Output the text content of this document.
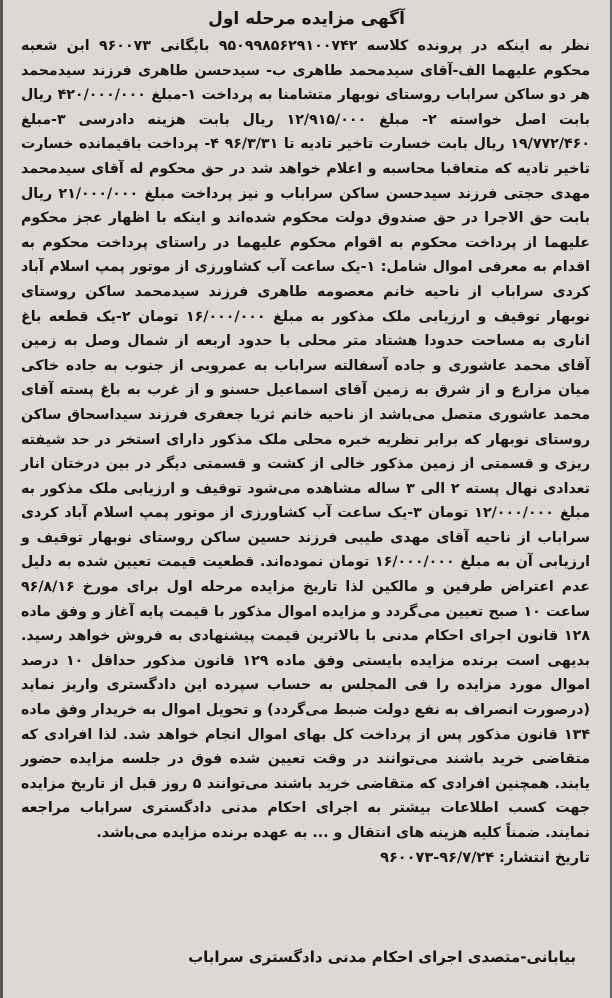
آگهی مزایده مرحله اول

نظر به اینکه در پرونده کلاسه ۹۵۰۹۹۸۵۶۲۹۱۰۰۷۴۲ بایگانی ۹۶۰۰۷۳ ابن شعبه محکوم علیهما الف-آقای سیدمحمد طاهری ب- سیدحسن طاهری فرزند سیدمحمد هر دو ساکن سراباب روستای نوبهار متشامنا به پرداخت ۱-مبلغ ۴۲۰/۰۰۰/۰۰۰ ریال بابت اصل خواسته ۲- مبلغ ۱۲/۹۱۵/۰۰۰ ریال بابت هزینه دادرسی ۳-مبلغ ۱۹/۷۷۲/۴۶۰ ریال بابت خسارت تاخیر تادیه تا ۹۶/۳/۳۱ ۴- پرداخت باقیمانده خسارت تاخیر تادیه که متعاقبا محاسبه و اعلام خواهد شد در حق محکوم له آقای سیدمحمد مهدی حجتی فرزند سیدحسن ساکن سراباب و نیز پرداخت مبلغ ۲۱/۰۰۰/۰۰۰ ریال بابت حق الاجرا در حق صندوق دولت محکوم شده‌اند و اینکه با اظهار عجز محکوم علیهما از پرداخت محکوم به اقوام محکوم علیهما در راستای پرداخت محکوم به اقدام به معرفی اموال شامل: ۱-یک ساعت آب کشاورزی از موتور پمپ اسلام آباد کردی سراباب از ناحیه خانم معصومه طاهری فرزند سیدمحمد ساکن روستای نوبهار توقیف و ارزیابی ملک مذکور به مبلغ ۱۶/۰۰۰/۰۰۰ تومان ۲-یک قطعه باغ اناری به مساحت حدودا هشتاد متر محلی با حدود اربعه از شمال وصل به زمین آقای محمد عاشوری و جاده آسفالته سراباب به عمرویی از جنوب به جاده خاکی میان مزارع و از شرق به زمین آقای اسماعیل حسنو و از غرب به باغ پسته آقای محمد عاشوری متصل می‌باشد از ناحیه خانم ثریا جعفری فرزند سیداسحاق ساکن روستای نوبهار که برابر نظریه خبره محلی ملک مذکور دارای استخر در حد شیفته ریزی و قسمتی از زمین مذکور خالی از کشت و قسمتی دیگر در بین درختان انار تعدادی نهال پسته ۲ الی ۳ ساله مشاهده می‌شود توقیف و ارزیابی ملک مذکور به مبلغ ۱۲/۰۰۰/۰۰۰ تومان ۳-یک ساعت آب کشاورزی از موتور پمپ اسلام آباد کردی سراباب از ناحیه آقای مهدی طیبی فرزند حسین ساکن روستای نوبهار توقیف و ارزیابی آن به مبلغ ۱۶/۰۰۰/۰۰۰ تومان نموده‌اند. قطعیت قیمت تعیین شده به دلیل عدم اعتراض طرفین و مالکین لذا تاریخ مزایده مرحله اول برای مورخ ۹۶/۸/۱۶ ساعت ۱۰ صبح تعیین می‌گردد و مزایده اموال مذکور با قیمت پایه آغاز و وفق ماده ۱۲۸ قانون اجرای احکام مدنی با بالاترین قیمت پیشنهادی به فروش خواهد رسید. بدیهی است برنده مزایده بایستی وفق ماده ۱۲۹ قانون مذکور حداقل ۱۰ درصد اموال مورد مزایده را فی المجلس به حساب سپرده این دادگستری واریز نماید (درصورت انصراف به نفع دولت ضبط می‌گردد) و تحویل اموال به خریدار وفق ماده ۱۳۴ قانون مذکور پس از پرداخت کل بهای اموال انجام خواهد شد. لذا افرادی که متقاضی خرید باشند می‌توانند در وقت تعیین شده فوق در جلسه مزایده حضور یابند. همچنین افرادی که متقاضی خرید باشند می‌توانند ۵ روز قبل از تاریخ مزایده جهت کسب اطلاعات بیشتر به اجرای احکام مدنی دادگستری سراباب مراجعه نمایند. ضمناً کلیه هزینه های انتقال و ... به عهده برنده مزایده می‌باشد.

تاریخ انتشار: ۹۶/۷/۲۴-۹۶۰۰۷۳
بیابانی-متصدی اجرای احکام مدنی دادگستری سراباب
